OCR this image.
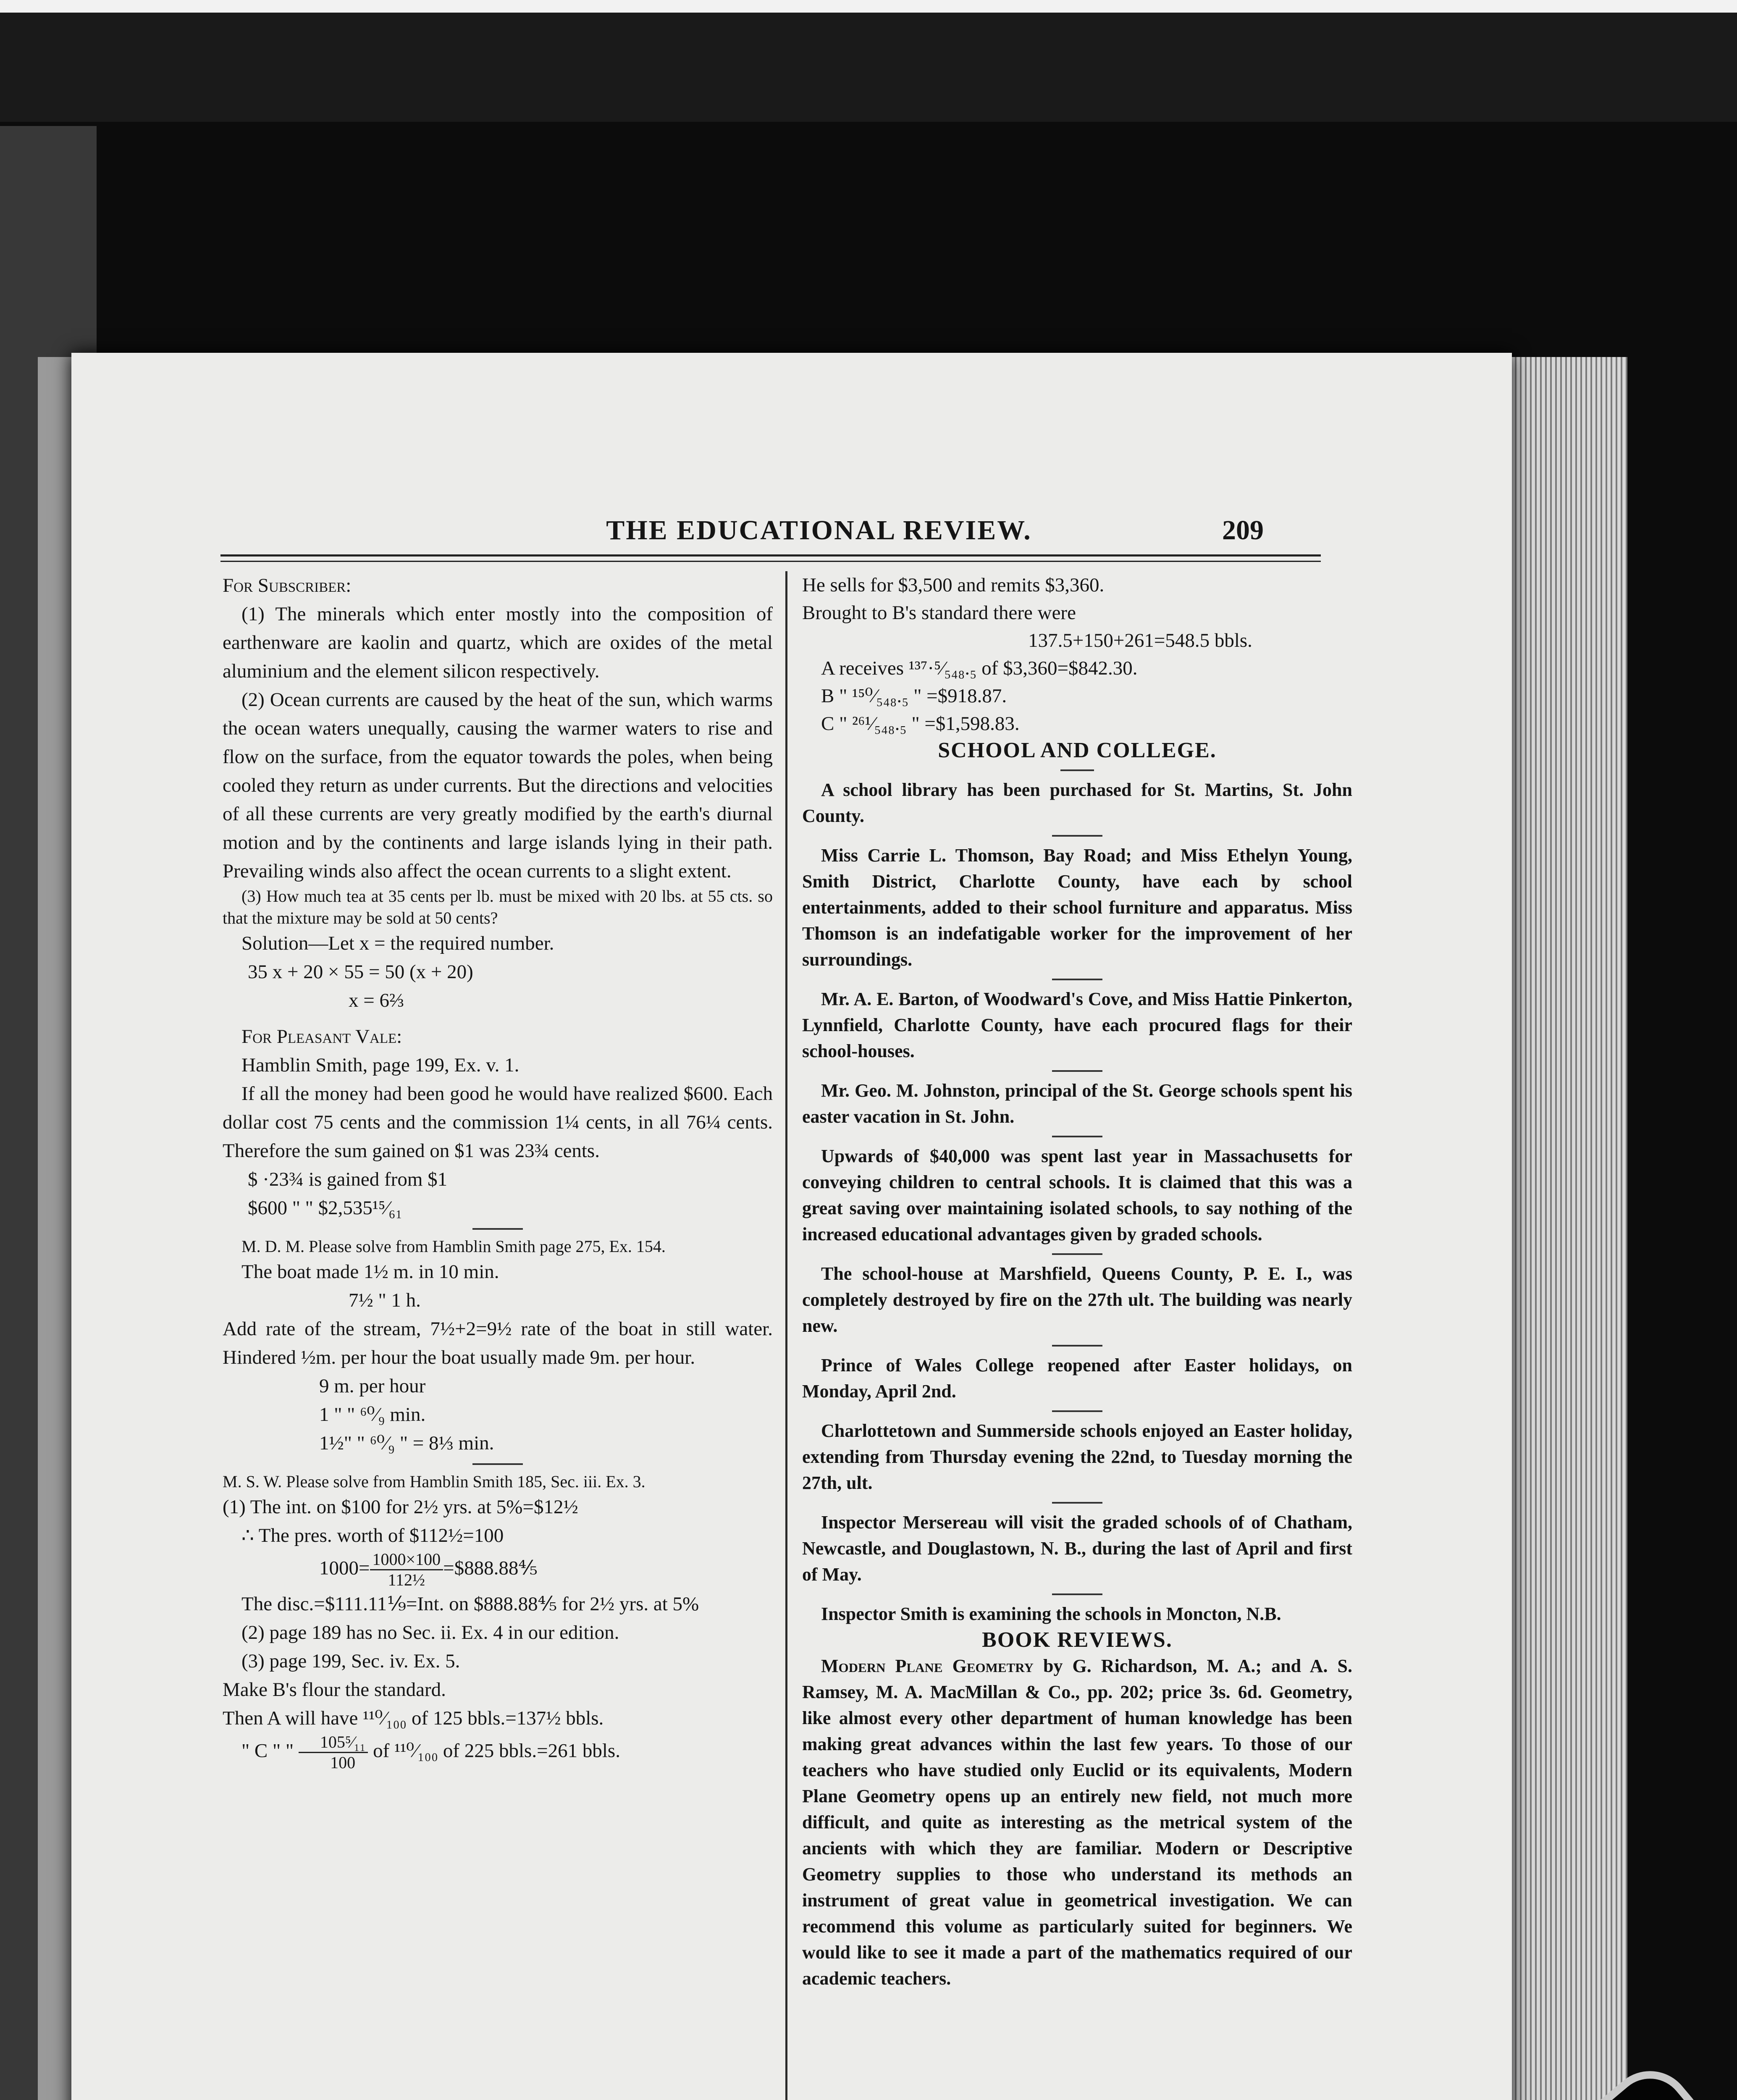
THE EDUCATIONAL REVIEW.	209

For Subscriber:

(1) The minerals which enter mostly into the composition of earthenware are kaolin and quartz, which are oxides of the metal aluminium and the element silicon respectively.

(2) Ocean currents are caused by the heat of the sun, which warms the ocean waters unequally, causing the warmer waters to rise and flow on the surface, from the equator towards the poles, when being cooled they return as under currents. But the directions and velocities of all these currents are very greatly modified by the earth's diurnal motion and by the continents and large islands lying in their path. Prevailing winds also affect the ocean currents to a slight extent.

(3) How much tea at 35 cents per lb. must be mixed with 20 lbs. at 55 cts. so that the mixture may be sold at 50 cents?

Solution—Let x = the required number.

35 x + 20 × 55 = 50 (x + 20)

x = 6⅔

For Pleasant Vale:

Hamblin Smith, page 199, Ex. v. 1.

If all the money had been good he would have realized $600. Each dollar cost 75 cents and the commission 1¼ cents, in all 76¼ cents. Therefore the sum gained on $1 was 23¾ cents.

$ ·23¾ is gained from $1

$600 " " $2,535¹⁵⁄₆₁

M. D. M. Please solve from Hamblin Smith page 275, Ex. 154.

The boat made 1½ m. in 10 min.

7½ " 1 h.

Add rate of the stream, 7½+2=9½ rate of the boat in still water. Hindered ½m. per hour the boat usually made 9m. per hour.

9 m. per hour

1 " " ⁶⁰⁄₉ min.

1½" " ⁶⁰⁄₉ " = 8⅓ min.

M. S. W. Please solve from Hamblin Smith 185, Sec. iii. Ex. 3.

(1) The int. on $100 for 2½ yrs. at 5%=$12½

∴ The pres. worth of $112½=100

$1000= \frac{1000\times 100}{\text{112½}}$ =$888.88⅘

The disc.=$111.11⅑=Int. on $888.88⅘ for 2½ yrs. at 5%

(2) page 189 has no Sec. ii. Ex. 4 in our edition.

(3) page 199, Sec. iv. Ex. 5.

Make B's flour the standard.

Then A will have ¹¹⁰⁄₁₀₀ of 125 bbls.=137½ bbls.

" C " " $\frac{\text{105⁵⁄₁₁}}{100}$ of ¹¹⁰⁄₁₀₀ of 225 bbls.=261 bbls.

He sells for $3,500 and remits $3,360.

Brought to B's standard there were

137.5+150+261=548.5 bbls.

A receives ¹³⁷·⁵⁄₅₄₈.₅ of $3,360=$842.30.

B " ¹⁵⁰⁄₅₄₈.₅ " =$918.87.

C " ²⁶¹⁄₅₄₈.₅ " =$1,598.83.

SCHOOL AND COLLEGE.

A school library has been purchased for St. Martins, St. John County.

Miss Carrie L. Thomson, Bay Road; and Miss Ethelyn Young, Smith District, Charlotte County, have each by school entertainments, added to their school furniture and apparatus. Miss Thomson is an indefatigable worker for the improvement of her surroundings.

Mr. A. E. Barton, of Woodward's Cove, and Miss Hattie Pinkerton, Lynnfield, Charlotte County, have each procured flags for their school-houses.

Mr. Geo. M. Johnston, principal of the St. George schools spent his easter vacation in St. John.

Upwards of $40,000 was spent last year in Massachusetts for conveying children to central schools. It is claimed that this was a great saving over maintaining isolated schools, to say nothing of the increased educational advantages given by graded schools.

The school-house at Marshfield, Queens County, P. E. I., was completely destroyed by fire on the 27th ult. The building was nearly new.

Prince of Wales College reopened after Easter holidays, on Monday, April 2nd.

Charlottetown and Summerside schools enjoyed an Easter holiday, extending from Thursday evening the 22nd, to Tuesday morning the 27th, ult.

Inspector Mersereau will visit the graded schools of of Chatham, Newcastle, and Douglastown, N. B., during the last of April and first of May.

Inspector Smith is examining the schools in Moncton, N.B.

BOOK REVIEWS.

Modern Plane Geometry by G. Richardson, M. A.; and A. S. Ramsey, M. A. MacMillan & Co., pp. 202; price 3s. 6d. Geometry, like almost every other department of human knowledge has been making great advances within the last few years. To those of our teachers who have studied only Euclid or its equivalents, Modern Plane Geometry opens up an entirely new field, not much more difficult, and quite as interesting as the metrical system of the ancients with which they are familiar. Modern or Descriptive Geometry supplies to those who understand its methods an instrument of great value in geometrical investigation. We can recommend this volume as particularly suited for beginners. We would like to see it made a part of the mathematics required of our academic teachers.
